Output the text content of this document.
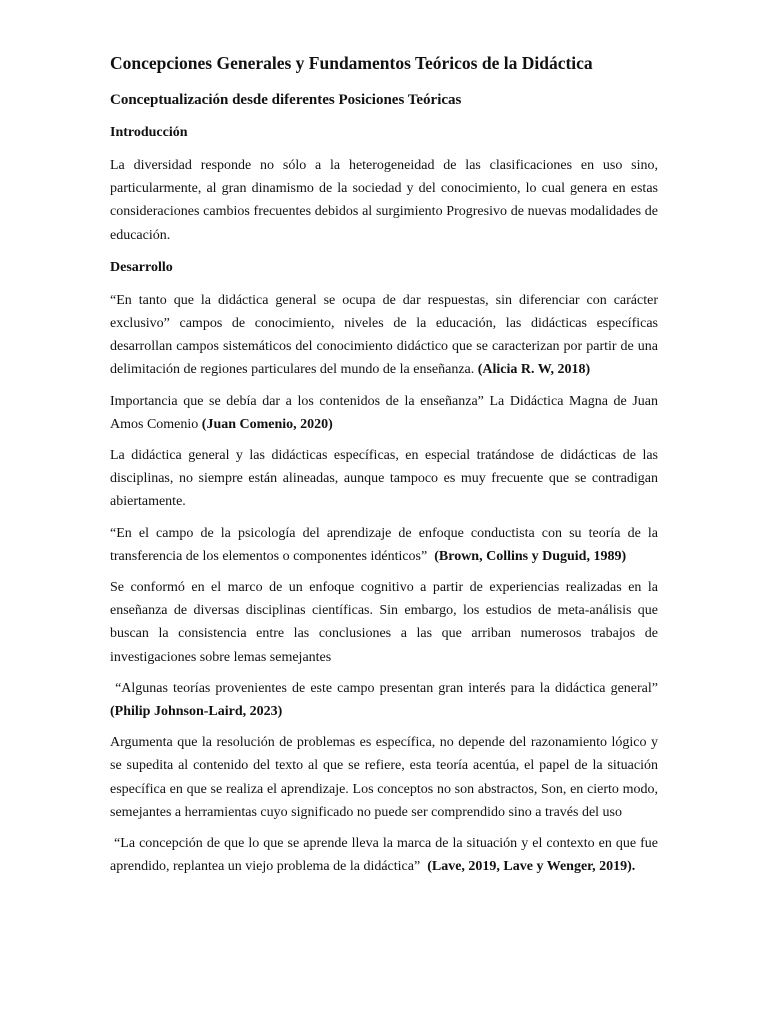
Concepciones Generales y Fundamentos Teóricos de la Didáctica
Conceptualización desde diferentes Posiciones Teóricas
Introducción

La diversidad responde no sólo a la heterogeneidad de las clasificaciones en uso sino, particularmente, al gran dinamismo de la sociedad y del conocimiento, lo cual genera en estas consideraciones cambios frecuentes debidos al surgimiento Progresivo de nuevas modalidades de educación.

Desarrollo

“En tanto que la didáctica general se ocupa de dar respuestas, sin diferenciar con carácter exclusivo” campos de conocimiento, niveles de la educación, las didácticas específicas desarrollan campos sistemáticos del conocimiento didáctico que se caracterizan por partir de una delimitación de regiones particulares del mundo de la enseñanza. (Alicia R. W, 2018)

Importancia que se debía dar a los contenidos de la enseñanza” La Didáctica Magna de Juan Amos Comenio (Juan Comenio, 2020)

La didáctica general y las didácticas específicas, en especial tratándose de didácticas de las disciplinas, no siempre están alineadas, aunque tampoco es muy frecuente que se contradigan abiertamente.

“En el campo de la psicología del aprendizaje de enfoque conductista con su teoría de la transferencia de los elementos o componentes idénticos” (Brown, Collins y Duguid, 1989)

Se conformó en el marco de un enfoque cognitivo a partir de experiencias realizadas en la enseñanza de diversas disciplinas científicas. Sin embargo, los estudios de meta-análisis que buscan la consistencia entre las conclusiones a las que arriban numerosos trabajos de investigaciones sobre lemas semejantes

“Algunas teorías provenientes de este campo presentan gran interés para la didáctica general” (Philip Johnson-Laird, 2023)

Argumenta que la resolución de problemas es específica, no depende del razonamiento lógico y se supedita al contenido del texto al que se refiere, esta teoría acentúa, el papel de la situación específica en que se realiza el aprendizaje. Los conceptos no son abstractos, Son, en cierto modo, semejantes a herramientas cuyo significado no puede ser comprendido sino a través del uso

“La concepción de que lo que se aprende lleva la marca de la situación y el contexto en que fue aprendido, replantea un viejo problema de la didáctica” (Lave, 2019, Lave y Wenger, 2019).
